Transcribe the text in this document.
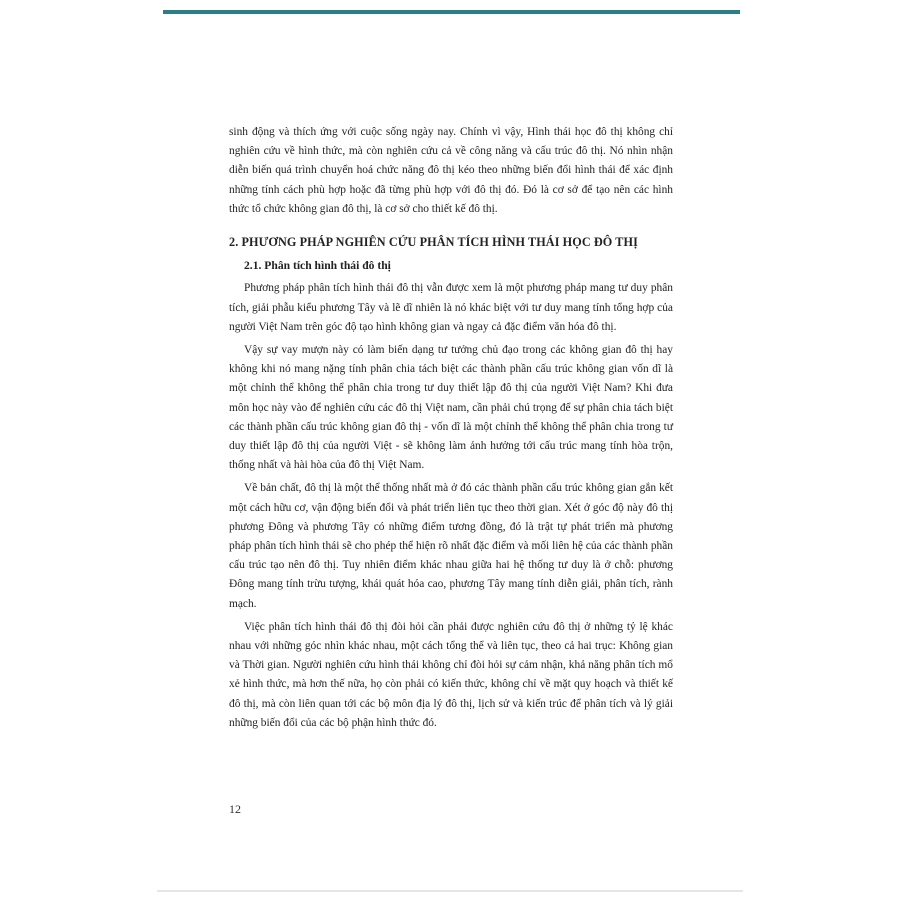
sinh động và thích ứng với cuộc sống ngày nay. Chính vì vậy, Hình thái học đô thị không chỉ nghiên cứu về hình thức, mà còn nghiên cứu cả về công năng và cấu trúc đô thị. Nó nhìn nhận diễn biến quá trình chuyển hoá chức năng đô thị kéo theo những biến đổi hình thái để xác định những tính cách phù hợp hoặc đã từng phù hợp với đô thị đó. Đó là cơ sở để tạo nên các hình thức tổ chức không gian đô thị, là cơ sở cho thiết kế đô thị.

2. PHƯƠNG PHÁP NGHIÊN CỨU PHÂN TÍCH HÌNH THÁI HỌC ĐÔ THỊ
2.1. Phân tích hình thái đô thị

Phương pháp phân tích hình thái đô thị vẫn được xem là một phương pháp mang tư duy phân tích, giải phẫu kiểu phương Tây và lẽ dĩ nhiên là nó khác biệt với tư duy mang tính tổng hợp của người Việt Nam trên góc độ tạo hình không gian và ngay cả đặc điểm văn hóa đô thị.

Vậy sự vay mượn này có làm biến dạng tư tưởng chủ đạo trong các không gian đô thị hay không khi nó mang nặng tính phân chia tách biệt các thành phần cấu trúc không gian vốn dĩ là một chỉnh thể không thể phân chia trong tư duy thiết lập đô thị của người Việt Nam? Khi đưa môn học này vào để nghiên cứu các đô thị Việt nam, cần phải chú trọng để sự phân chia tách biệt các thành phần cấu trúc không gian đô thị - vốn dĩ là một chỉnh thể không thể phân chia trong tư duy thiết lập đô thị của người Việt - sẽ không làm ảnh hưởng tới cấu trúc mang tính hòa trộn, thống nhất và hài hòa của đô thị Việt Nam.

Về bản chất, đô thị là một thể thống nhất mà ở đó các thành phần cấu trúc không gian gắn kết một cách hữu cơ, vận động biến đổi và phát triển liên tục theo thời gian. Xét ở góc độ này đô thị phương Đông và phương Tây có những điểm tương đồng, đó là trật tự phát triển mà phương pháp phân tích hình thái sẽ cho phép thể hiện rõ nhất đặc điểm và mối liên hệ của các thành phần cấu trúc tạo nên đô thị. Tuy nhiên điểm khác nhau giữa hai hệ thống tư duy là ở chỗ: phương Đông mang tính trừu tượng, khái quát hóa cao, phương Tây mang tính diễn giải, phân tích, rành mạch.

Việc phân tích hình thái đô thị đòi hỏi cần phải được nghiên cứu đô thị ở những tỷ lệ khác nhau với những góc nhìn khác nhau, một cách tổng thể và liên tục, theo cả hai trục: Không gian và Thời gian. Người nghiên cứu hình thái không chỉ đòi hỏi sự cảm nhận, khả năng phân tích mổ xẻ hình thức, mà hơn thế nữa, họ còn phải có kiến thức, không chỉ về mặt quy hoạch và thiết kế đô thị, mà còn liên quan tới các bộ môn địa lý đô thị, lịch sử và kiến trúc để phân tích và lý giải những biến đổi của các bộ phận hình thức đó.

12
